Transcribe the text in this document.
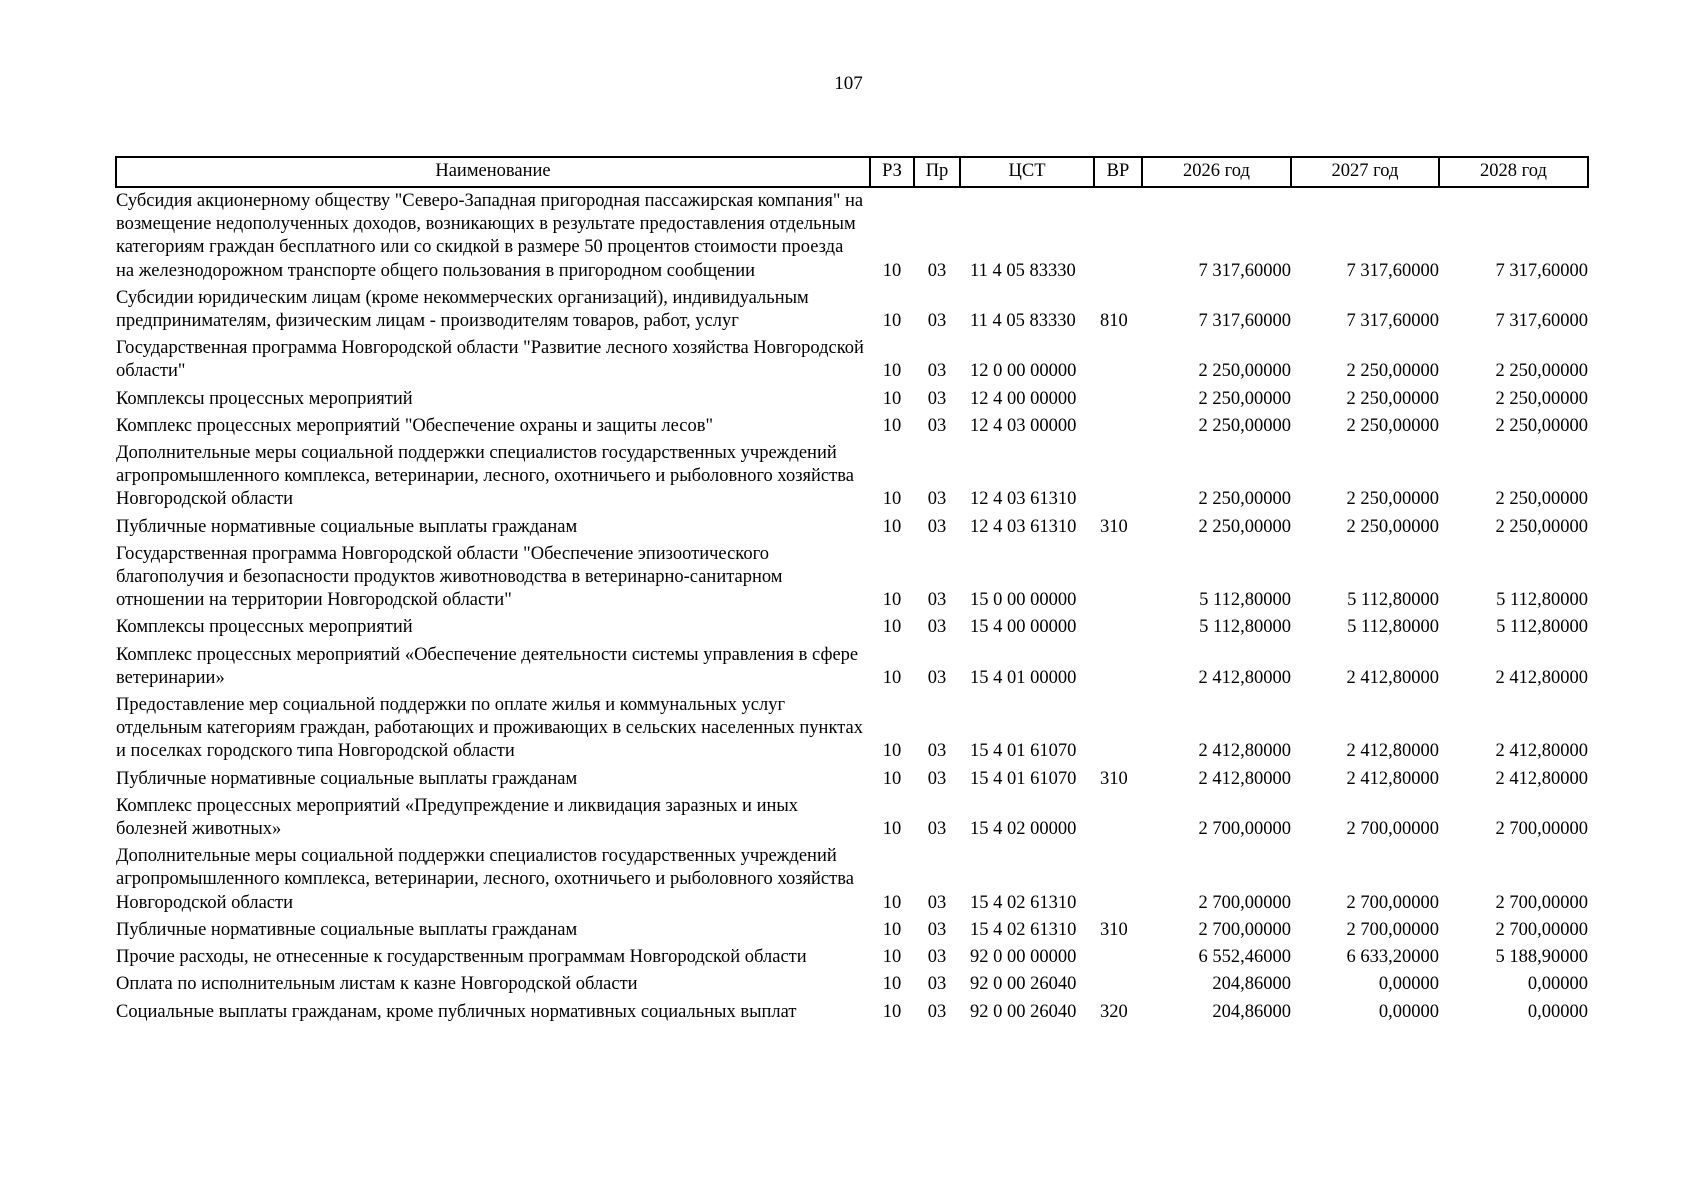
107
Наименование	РЗ	Пр	ЦСТ	ВР	2026 год	2027 год	2028 год
Субсидия акционерному обществу "Северо-Западная пригородная пассажирская компания" на возмещение недополученных доходов, возникающих в результате предоставления отдельным категориям граждан бесплатного или со скидкой в размере 50 процентов стоимости проезда на железнодорожном транспорте общего пользования в пригородном сообщении	10	03	11 4 05 83330		7 317,60000	7 317,60000	7 317,60000
Субсидии юридическим лицам (кроме некоммерческих организаций), индивидуальным предпринимателям, физическим лицам - производителям товаров, работ, услуг	10	03	11 4 05 83330	810	7 317,60000	7 317,60000	7 317,60000
Государственная программа Новгородской области "Развитие лесного хозяйства Новгородской области"	10	03	12 0 00 00000		2 250,00000	2 250,00000	2 250,00000
Комплексы процессных мероприятий	10	03	12 4 00 00000		2 250,00000	2 250,00000	2 250,00000
Комплекс процессных мероприятий "Обеспечение охраны и защиты лесов"	10	03	12 4 03 00000		2 250,00000	2 250,00000	2 250,00000
Дополнительные меры социальной поддержки специалистов государственных учреждений агропромышленного комплекса, ветеринарии, лесного, охотничьего и рыболовного хозяйства Новгородской области	10	03	12 4 03 61310		2 250,00000	2 250,00000	2 250,00000
Публичные нормативные социальные выплаты гражданам	10	03	12 4 03 61310	310	2 250,00000	2 250,00000	2 250,00000
Государственная программа Новгородской области "Обеспечение эпизоотического благополучия и безопасности продуктов животноводства в ветеринарно-санитарном отношении на территории Новгородской области"	10	03	15 0 00 00000		5 112,80000	5 112,80000	5 112,80000
Комплексы процессных мероприятий	10	03	15 4 00 00000		5 112,80000	5 112,80000	5 112,80000
Комплекс процессных мероприятий «Обеспечение деятельности системы управления в сфере ветеринарии»	10	03	15 4 01 00000		2 412,80000	2 412,80000	2 412,80000
Предоставление мер социальной поддержки по оплате жилья и коммунальных услуг отдельным категориям граждан, работающих и проживающих в сельских населенных пунктах и поселках городского типа Новгородской области	10	03	15 4 01 61070		2 412,80000	2 412,80000	2 412,80000
Публичные нормативные социальные выплаты гражданам	10	03	15 4 01 61070	310	2 412,80000	2 412,80000	2 412,80000
Комплекс процессных мероприятий «Предупреждение и ликвидация заразных и иных болезней животных»	10	03	15 4 02 00000		2 700,00000	2 700,00000	2 700,00000
Дополнительные меры социальной поддержки специалистов государственных учреждений агропромышленного комплекса, ветеринарии, лесного, охотничьего и рыболовного хозяйства Новгородской области	10	03	15 4 02 61310		2 700,00000	2 700,00000	2 700,00000
Публичные нормативные социальные выплаты гражданам	10	03	15 4 02 61310	310	2 700,00000	2 700,00000	2 700,00000
Прочие расходы, не отнесенные к государственным программам Новгородской области	10	03	92 0 00 00000		6 552,46000	6 633,20000	5 188,90000
Оплата по исполнительным листам к казне Новгородской области	10	03	92 0 00 26040		204,86000	0,00000	0,00000
Социальные выплаты гражданам, кроме публичных нормативных социальных выплат	10	03	92 0 00 26040	320	204,86000	0,00000	0,00000
